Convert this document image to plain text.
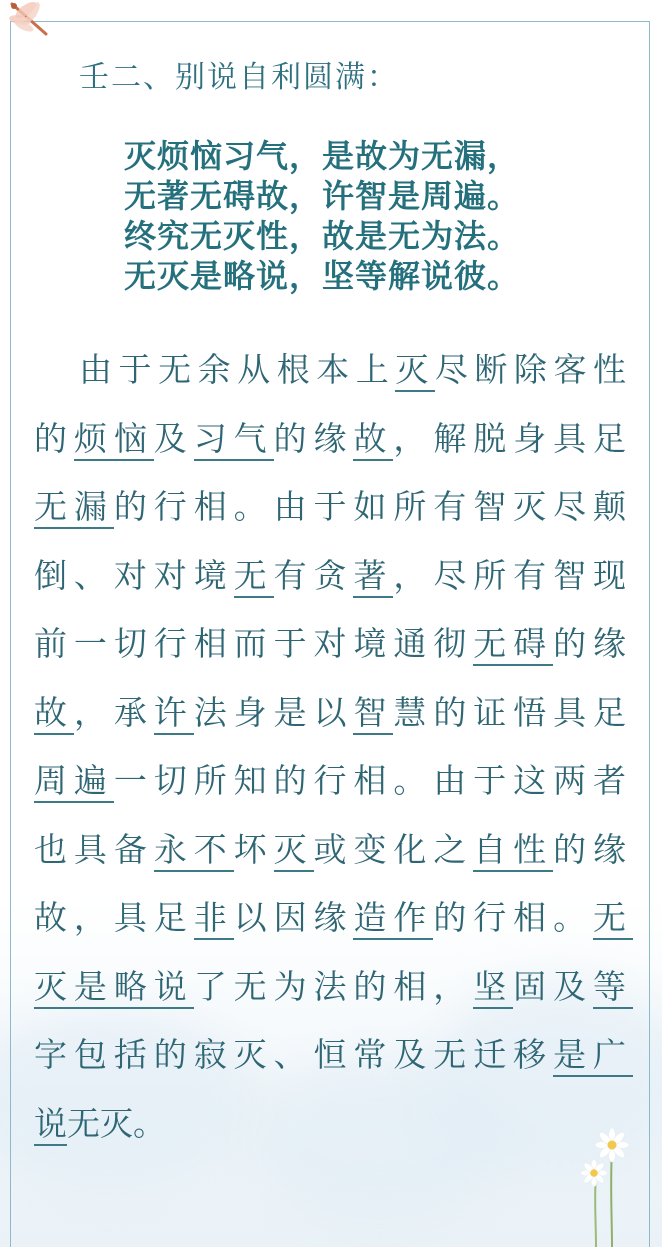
壬二、别说自利圆满：
灭烦恼习气，是故为无漏，
无著无碍故，许智是周遍。
终究无灭性，故是无为法。
无灭是略说，坚等解说彼。
由于无余从根本上灭尽断除客性
的烦恼及习气的缘故，解脱身具足
无漏的行相。由于如所有智灭尽颠
倒、对对境无有贪著，尽所有智现
前一切行相而于对境通彻无碍的缘
故，承许法身是以智慧的证悟具足
周遍一切所知的行相。由于这两者
也具备永不坏灭或变化之自性的缘
故，具足非以因缘造作的行相。无
灭是略说了无为法的相，坚固及等
字包括的寂灭、恒常及无迁移是广
说无灭。
